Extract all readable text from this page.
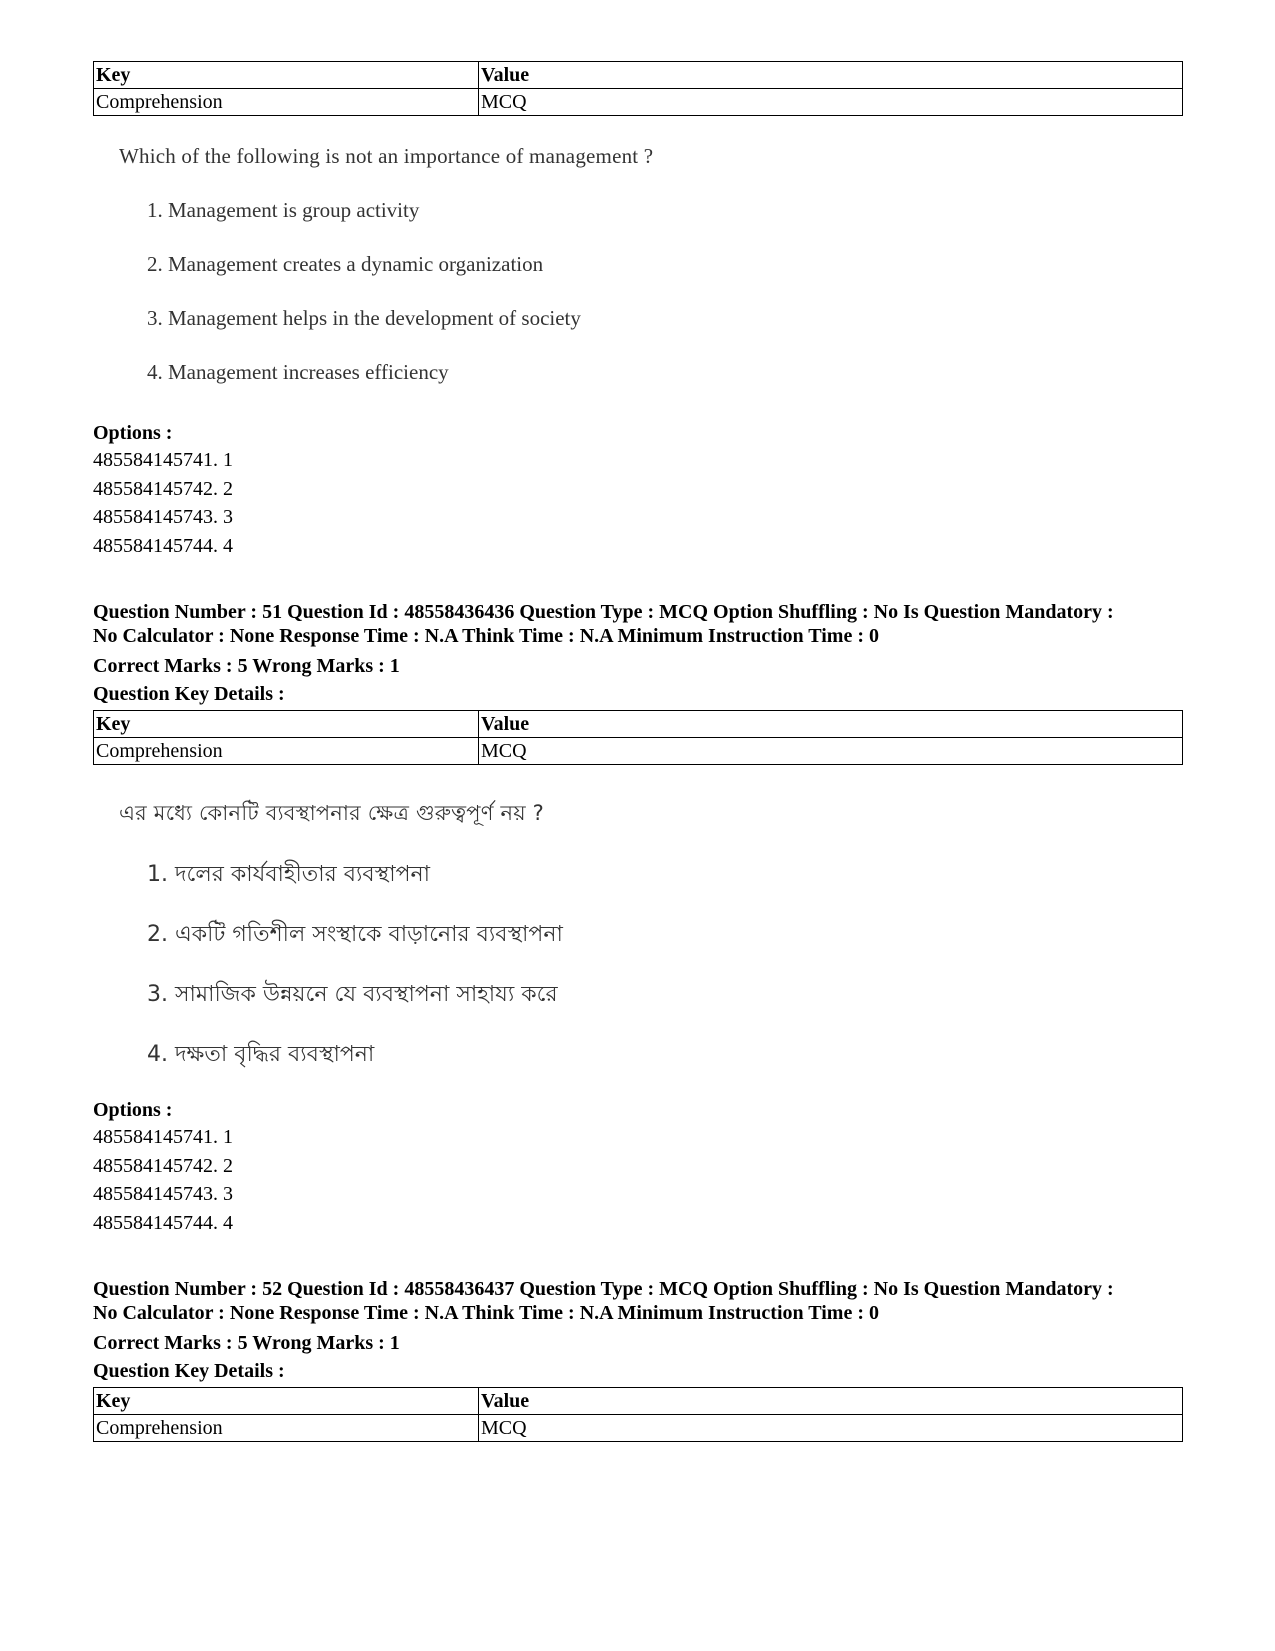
Key	Value
Comprehension	MCQ
Which of the following is not an importance of management ?
1. Management is group activity
2. Management creates a dynamic organization
3. Management helps in the development of society
4. Management increases efficiency
Options :
485584145741. 1
485584145742. 2
485584145743. 3
485584145744. 4
Question Number : 51 Question Id : 48558436436 Question Type : MCQ Option Shuffling : No Is Question Mandatory :
No Calculator : None Response Time : N.A Think Time : N.A Minimum Instruction Time : 0
Correct Marks : 5 Wrong Marks : 1
Question Key Details :
Key	Value
Comprehension	MCQ
এর মধ্যে কোনটি ব্যবস্থাপনার ক্ষেত্র গুরুত্বপূর্ণ নয় ?
1. দলের কার্যবাহীতার ব্যবস্থাপনা
2. একটি গতিশীল সংস্থাকে বাড়ানোর ব্যবস্থাপনা
3. সামাজিক উন্নয়নে যে ব্যবস্থাপনা সাহায্য করে
4. দক্ষতা বৃদ্ধির ব্যবস্থাপনা
Options :
485584145741. 1
485584145742. 2
485584145743. 3
485584145744. 4
Question Number : 52 Question Id : 48558436437 Question Type : MCQ Option Shuffling : No Is Question Mandatory :
No Calculator : None Response Time : N.A Think Time : N.A Minimum Instruction Time : 0
Correct Marks : 5 Wrong Marks : 1
Question Key Details :
Key	Value
Comprehension	MCQ
